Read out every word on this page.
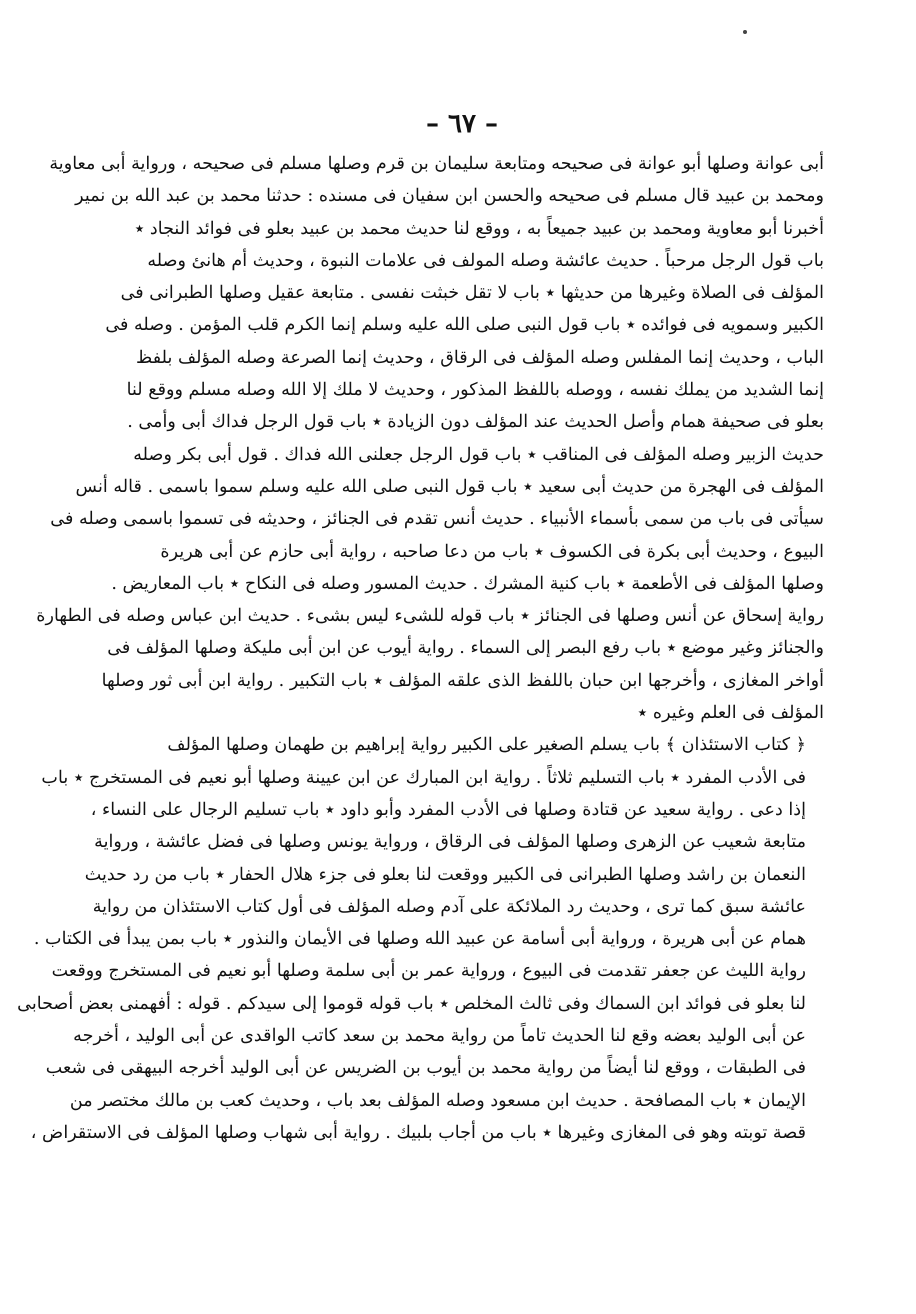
– ٦٧ –

أبى عوانة وصلها أبو عوانة فى صحيحه ومتابعة سليمان بن قرم وصلها مسلم فى صحيحه ، ورواية أبى معاوية
ومحمد بن عبيد قال مسلم فى صحيحه والحسن ابن سفيان فى مسنده : حدثنا محمد بن عبد الله بن نمير
أخبرنا أبو معاوية ومحمد بن عبيد جميعاً به ، ووقع لنا حديث محمد بن عبيد بعلو فى فوائد النجاد ٭
باب قول الرجل مرحباً . حديث عائشة وصله المولف فى علامات النبوة ، وحديث أم هانئ وصله
المؤلف فى الصلاة وغيرها من حديثها ٭ باب لا تقل خبثت نفسى . متابعة عقيل وصلها الطبرانى فى
الكبير وسمويه فى فوائده ٭ باب قول النبى صلى الله عليه وسلم إنما الكرم قلب المؤمن . وصله فى
الباب ، وحديث إنما المفلس وصله المؤلف فى الرقاق ، وحديث إنما الصرعة وصله المؤلف بلفظ
إنما الشديد من يملك نفسه ، ووصله باللفظ المذكور ، وحديث لا ملك إلا الله وصله مسلم ووقع لنا
بعلو فى صحيفة همام وأصل الحديث عند المؤلف دون الزيادة ٭ باب قول الرجل فداك أبى وأمى .
حديث الزبير وصله المؤلف فى المناقب ٭ باب قول الرجل جعلنى الله فداك . قول أبى بكر وصله
المؤلف فى الهجرة من حديث أبى سعيد ٭ باب قول النبى صلى الله عليه وسلم سموا باسمى . قاله أنس
سيأتى فى باب من سمى بأسماء الأنبياء . حديث أنس تقدم فى الجنائز ، وحديثه فى تسموا باسمى وصله فى
البيوع ، وحديث أبى بكرة فى الكسوف ٭ باب من دعا صاحبه ، رواية أبى حازم عن أبى هريرة
وصلها المؤلف فى الأطعمة ٭ باب كنية المشرك . حديث المسور وصله فى النكاح ٭ باب المعاريض .
رواية إسحاق عن أنس وصلها فى الجنائز ٭ باب قوله للشىء ليس بشىء . حديث ابن عباس وصله فى الطهارة
والجنائز وغير موضع ٭ باب رفع البصر إلى السماء . رواية أيوب عن ابن أبى مليكة وصلها المؤلف فى
أواخر المغازى ، وأخرجها ابن حبان باللفظ الذى علقه المؤلف ٭ باب التكبير . رواية ابن أبى ثور وصلها
المؤلف فى العلم وغيره ٭

﴿ كتاب الاستئذان ﴾ باب يسلم الصغير على الكبير رواية إبراهيم بن طهمان وصلها المؤلف
فى الأدب المفرد ٭ باب التسليم ثلاثاً . رواية ابن المبارك عن ابن عيينة وصلها أبو نعيم فى المستخرج ٭ باب
إذا دعى . رواية سعيد عن قتادة وصلها فى الأدب المفرد وأبو داود ٭ باب تسليم الرجال على النساء ،
متابعة شعيب عن الزهرى وصلها المؤلف فى الرقاق ، ورواية يونس وصلها فى فضل عائشة ، ورواية
النعمان بن راشد وصلها الطبرانى فى الكبير ووقعت لنا بعلو فى جزء هلال الحفار ٭ باب من رد حديث
عائشة سبق كما ترى ، وحديث رد الملائكة على آدم وصله المؤلف فى أول كتاب الاستئذان من رواية
همام عن أبى هريرة ، ورواية أبى أسامة عن عبيد الله وصلها فى الأيمان والنذور ٭ باب بمن يبدأ فى الكتاب .
رواية الليث عن جعفر تقدمت فى البيوع ، ورواية عمر بن أبى سلمة وصلها أبو نعيم فى المستخرج ووقعت
لنا بعلو فى فوائد ابن السماك وفى ثالث المخلص ٭ باب قوله قوموا إلى سيدكم . قوله : أفهمنى بعض أصحابى
عن أبى الوليد بعضه وقع لنا الحديث تاماً من رواية محمد بن سعد كاتب الواقدى عن أبى الوليد ، أخرجه
فى الطبقات ، ووقع لنا أيضاً من رواية محمد بن أيوب بن الضريس عن أبى الوليد أخرجه البيهقى فى شعب
الإيمان ٭ باب المصافحة . حديث ابن مسعود وصله المؤلف بعد باب ، وحديث كعب بن مالك مختصر من
قصة توبته وهو فى المغازى وغيرها ٭ باب من أجاب بلبيك . رواية أبى شهاب وصلها المؤلف فى الاستقراض ،
